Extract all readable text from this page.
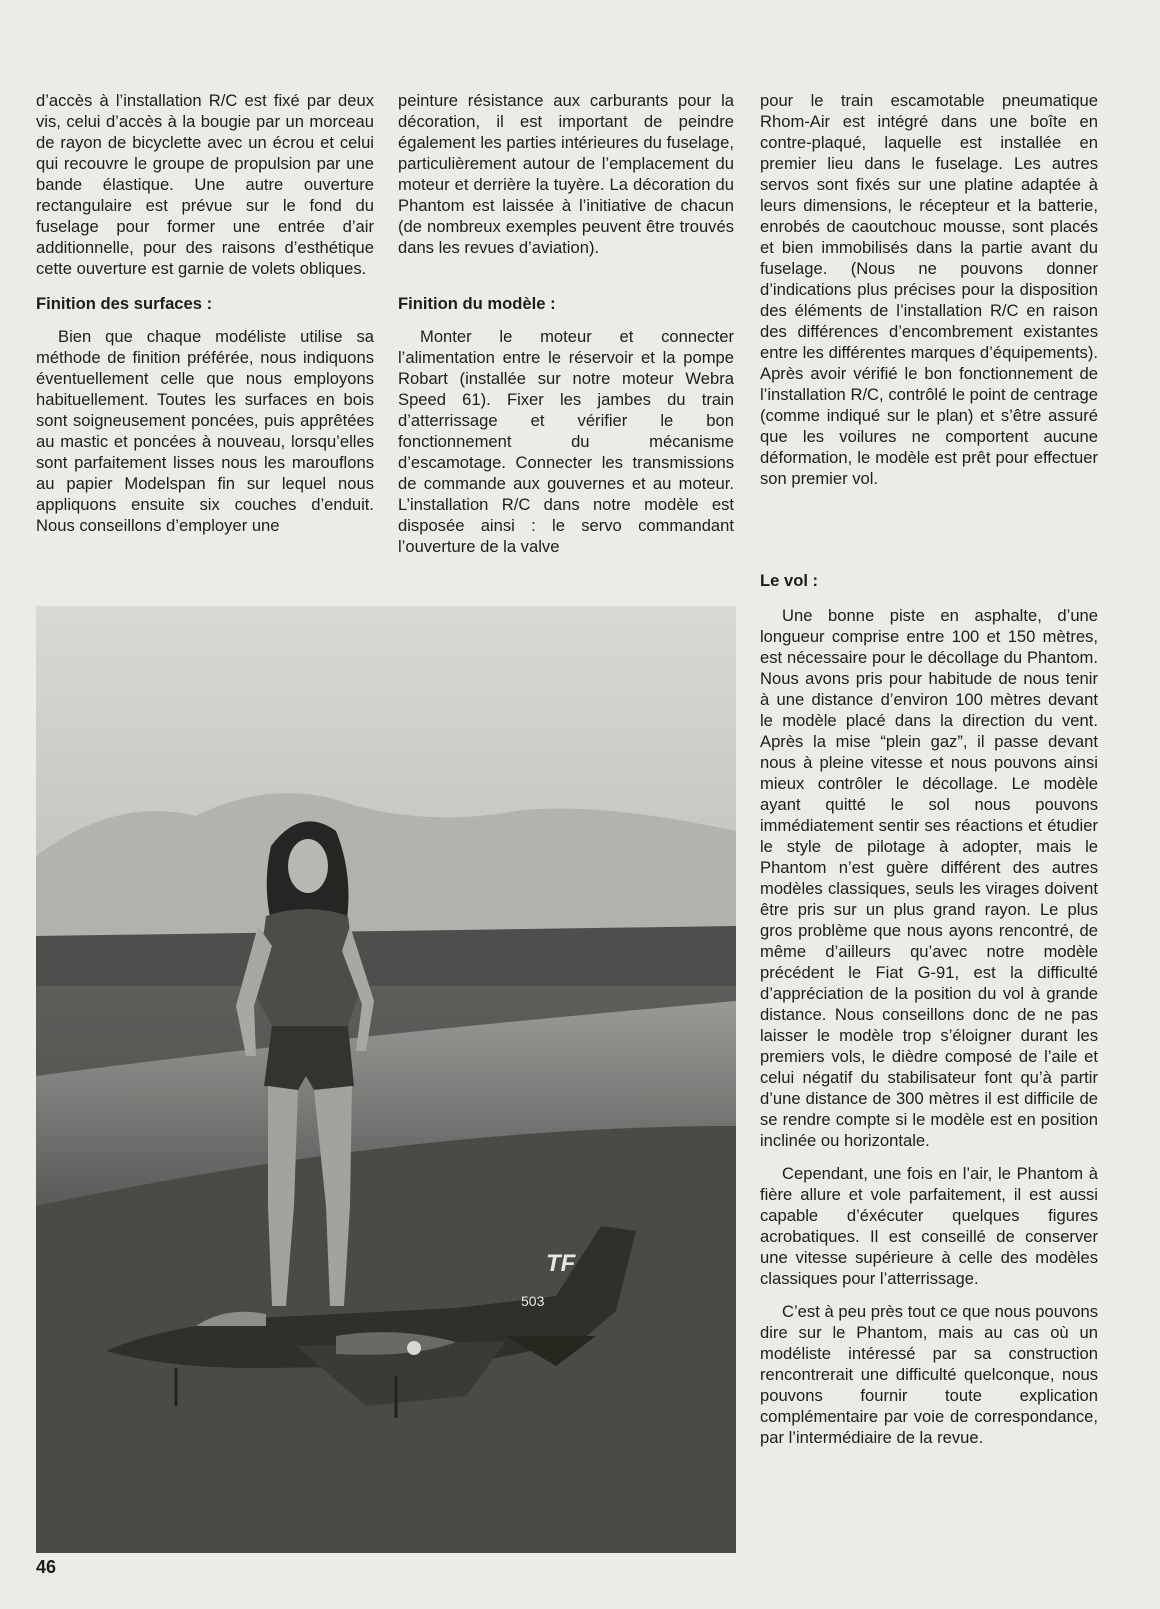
d’accès à l’installation R/C est fixé par deux vis, celui d’accès à la bougie par un morceau de rayon de bicyclette avec un écrou et celui qui recouvre le groupe de propulsion par une bande élastique. Une autre ouverture rectangulaire est prévue sur le fond du fuselage pour former une entrée d’air additionnelle, pour des raisons d’esthétique cette ouverture est garnie de volets obliques.

Finition des surfaces :

Bien que chaque modéliste utilise sa méthode de finition préférée, nous indiquons éventuellement celle que nous employons habituellement. Toutes les surfaces en bois sont soigneusement poncées, puis apprêtées au mastic et poncées à nouveau, lorsqu’elles sont parfaitement lisses nous les marouflons au papier Modelspan fin sur lequel nous appliquons ensuite six couches d’enduit. Nous conseillons d’employer une

peinture résistance aux carburants pour la décoration, il est important de peindre également les parties intérieures du fuselage, particulièrement autour de l’emplacement du moteur et derrière la tuyère. La décoration du Phantom est laissée à l’initiative de chacun (de nombreux exemples peuvent être trouvés dans les revues d’aviation).

Finition du modèle :

Monter le moteur et connecter l’alimentation entre le réservoir et la pompe Robart (installée sur notre moteur Webra Speed 61). Fixer les jambes du train d’atterrissage et vérifier le bon fonctionnement du mécanisme d’escamotage. Connecter les transmissions de commande aux gouvernes et au moteur. L’installation R/C dans notre modèle est disposée ainsi : le servo commandant l’ouverture de la valve

pour le train escamotable pneumatique Rhom-Air est intégré dans une boîte en contre-plaqué, laquelle est installée en premier lieu dans le fuselage. Les autres servos sont fixés sur une platine adaptée à leurs dimensions, le récepteur et la batterie, enrobés de caoutchouc mousse, sont placés et bien immobilisés dans la partie avant du fuselage. (Nous ne pouvons donner d’indications plus précises pour la disposition des éléments de l’installation R/C en raison des différences d’encombrement existantes entre les différentes marques d’équipements). Après avoir vérifié le bon fonctionnement de l’installation R/C, contrôlé le point de centrage (comme indiqué sur le plan) et s’être assuré que les voilures ne comportent aucune déformation, le modèle est prêt pour effectuer son premier vol.

Le vol :

Une bonne piste en asphalte, d’une longueur comprise entre 100 et 150 mètres, est nécessaire pour le décollage du Phantom. Nous avons pris pour habitude de nous tenir à une distance d’environ 100 mètres devant le modèle placé dans la direction du vent. Après la mise “plein gaz”, il passe devant nous à pleine vitesse et nous pouvons ainsi mieux contrôler le décollage. Le modèle ayant quitté le sol nous pouvons immédiatement sentir ses réactions et étudier le style de pilotage à adopter, mais le Phantom n’est guère différent des autres modèles classiques, seuls les virages doivent être pris sur un plus grand rayon. Le plus gros problème que nous ayons rencontré, de même d’ailleurs qu’avec notre modèle précédent le Fiat G-91, est la difficulté d’appréciation de la position du vol à grande distance. Nous conseillons donc de ne pas laisser le modèle trop s’éloigner durant les premiers vols, le dièdre composé de l’aile et celui négatif du stabilisateur font qu’à partir d’une distance de 300 mètres il est difficile de se rendre compte si le modèle est en position inclinée ou horizontale.

Cependant, une fois en l’air, le Phantom à fière allure et vole parfaitement, il est aussi capable d’éxécuter quelques figures acrobatiques. Il est conseillé de conserver une vitesse supérieure à celle des modèles classiques pour l’atterrissage.

C’est à peu près tout ce que nous pouvons dire sur le Phantom, mais au cas où un modéliste intéressé par sa construction rencontrerait une difficulté quelconque, nous pouvons fournir toute explication complémentaire par voie de correspondance, par l’intermédiaire de la revue.

TF
503
46
